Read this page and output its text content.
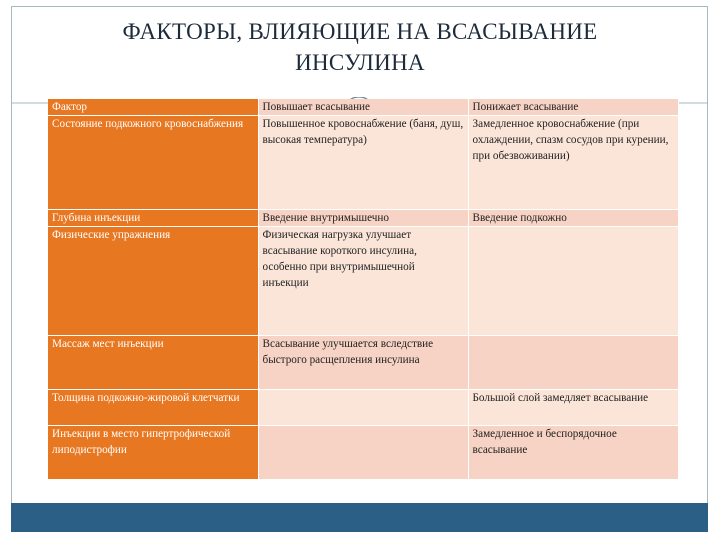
ФАКТОРЫ, ВЛИЯЮЩИЕ НА ВСАСЫВАНИЕ
ИНСУЛИНА
Фактор	Повышает всасывание	Понижает всасывание
Состояние подкожного кровоснабжения	Повышенное кровоснабжение (баня, душ, высокая температура)	Замедленное кровоснабжение (при охлаждении, спазм сосудов при курении, при обезвоживании)
Глубина инъекции	Введение внутримышечно	Введение подкожно
Физические упражнения	Физическая нагрузка улучшает всасывание короткого инсулина, особенно при внутримышечной инъекции	
Массаж мест инъекции	Всасывание улучшается вследствие быстрого расщепления инсулина	
Толщина подкожно-жировой клетчатки		Большой слой замедляет всасывание
Инъекции в место гипертрофической липодистрофии		Замедленное и беспорядочное всасывание
